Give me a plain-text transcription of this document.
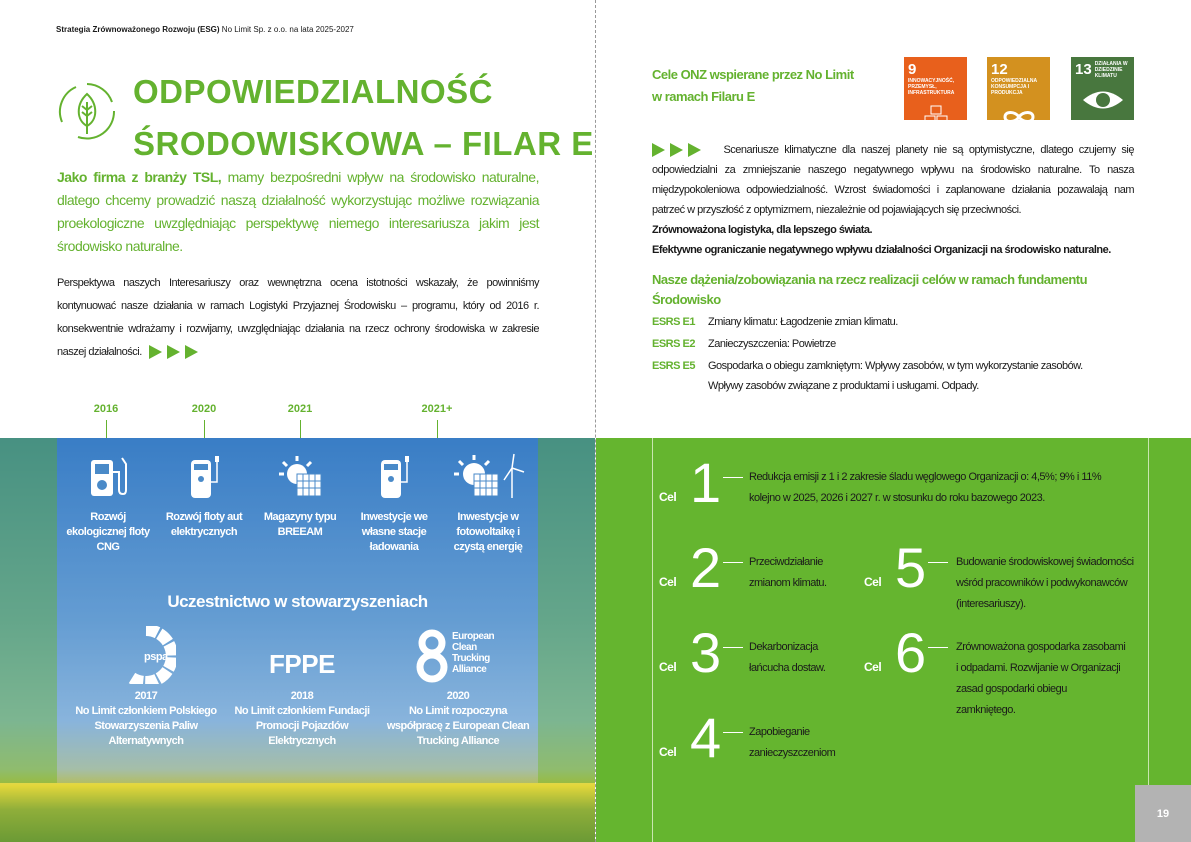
Strategia Zrównoważonego Rozwoju (ESG) No Limit Sp. z o.o. na lata 2025-2027
ODPOWIEDZIALNOŚĆ
ŚRODOWISKOWA – FILAR E
Jako firma z branży TSL, mamy bezpośredni wpływ na środowisko naturalne, dlatego chcemy prowadzić naszą działalność wykorzystując możliwe rozwiązania proekologiczne uwzględniając perspektywę niemego interesariusza jakim jest środowisko naturalne.
Perspektywa naszych Interesariuszy oraz wewnętrzna ocena istotności wskazały, że powinniśmy kontynuować nasze działania w ramach Logistyki Przyjaznej Środowisku – programu, który od 2016 r. konsekwentnie wdrażamy i rozwijamy, uwzględniając działania na rzecz ochrony środowiska w zakresie naszej działalności.
2016	2020	2021	2021+
Rozwój ekologicznej floty CNG
Rozwój floty aut elektrycznych
Magazyny typu BREEAM
Inwestycje we własne stacje ładowania
Inwestycje w fotowoltaikę i czystą energię
Uczestnictwo w stowarzyszeniach
pspa
2017
No Limit członkiem Polskiego Stowarzyszenia Paliw Alternatywnych
FPPE
2018
No Limit członkiem Fundacji Promocji Pojazdów Elektrycznych
European
Clean
Trucking
Alliance
2020
No Limit rozpoczyna współpracę z European Clean Trucking Alliance
Cele ONZ wspierane przez No Limit
w ramach Filaru E
9
INNOWACYJNOŚĆ, PRZEMYSŁ, INFRASTRUKTURA
12
ODPOWIEDZIALNA KONSUMPCJA I PRODUKCJA
13 DZIAŁANIA W DZIEDZINIE KLIMATU
Scenariusze klimatyczne dla naszej planety nie są optymistyczne, dlatego czujemy się odpowiedzialni za zmniejszanie naszego negatywnego wpływu na środowisko naturalne. To nasza międzypokoleniowa odpowiedzialność. Wzrost świadomości i zaplanowane działania pozawalają nam patrzeć w przyszłość z optymizmem, niezależnie od pojawiających się przeciwności.
Zrównoważona logistyka, dla lepszego świata.
Efektywne ograniczanie negatywnego wpływu działalności Organizacji na środowisko naturalne.
Nasze dążenia/zobowiązania na rzecz realizacji celów w ramach fundamentu Środowisko
ESRS E1	Zmiany klimatu: Łagodzenie zmian klimatu.
ESRS E2	Zanieczyszczenia: Powietrze
ESRS E5	Gospodarka o obiegu zamkniętym: Wpływy zasobów, w tym wykorzystanie zasobów.
Wpływy zasobów związane z produktami i usługami. Odpady.
Cel 1	Redukcja emisji z 1 i 2 zakresie śladu węglowego Organizacji o: 4,5%; 9% i 11% kolejno w 2025, 2026 i 2027 r. w stosunku do roku bazowego 2023.
Cel 2	Przeciwdziałanie zmianom klimatu.
Cel 3	Dekarbonizacja łańcucha dostaw.
Cel 4	Zapobieganie zanieczyszczeniom
Cel 5	Budowanie środowiskowej świadomości wśród pracowników i podwykonawców (interesariuszy).
Cel 6	Zrównoważona gospodarka zasobami i odpadami. Rozwijanie w Organizacji zasad gospodarki obiegu zamkniętego.
19
